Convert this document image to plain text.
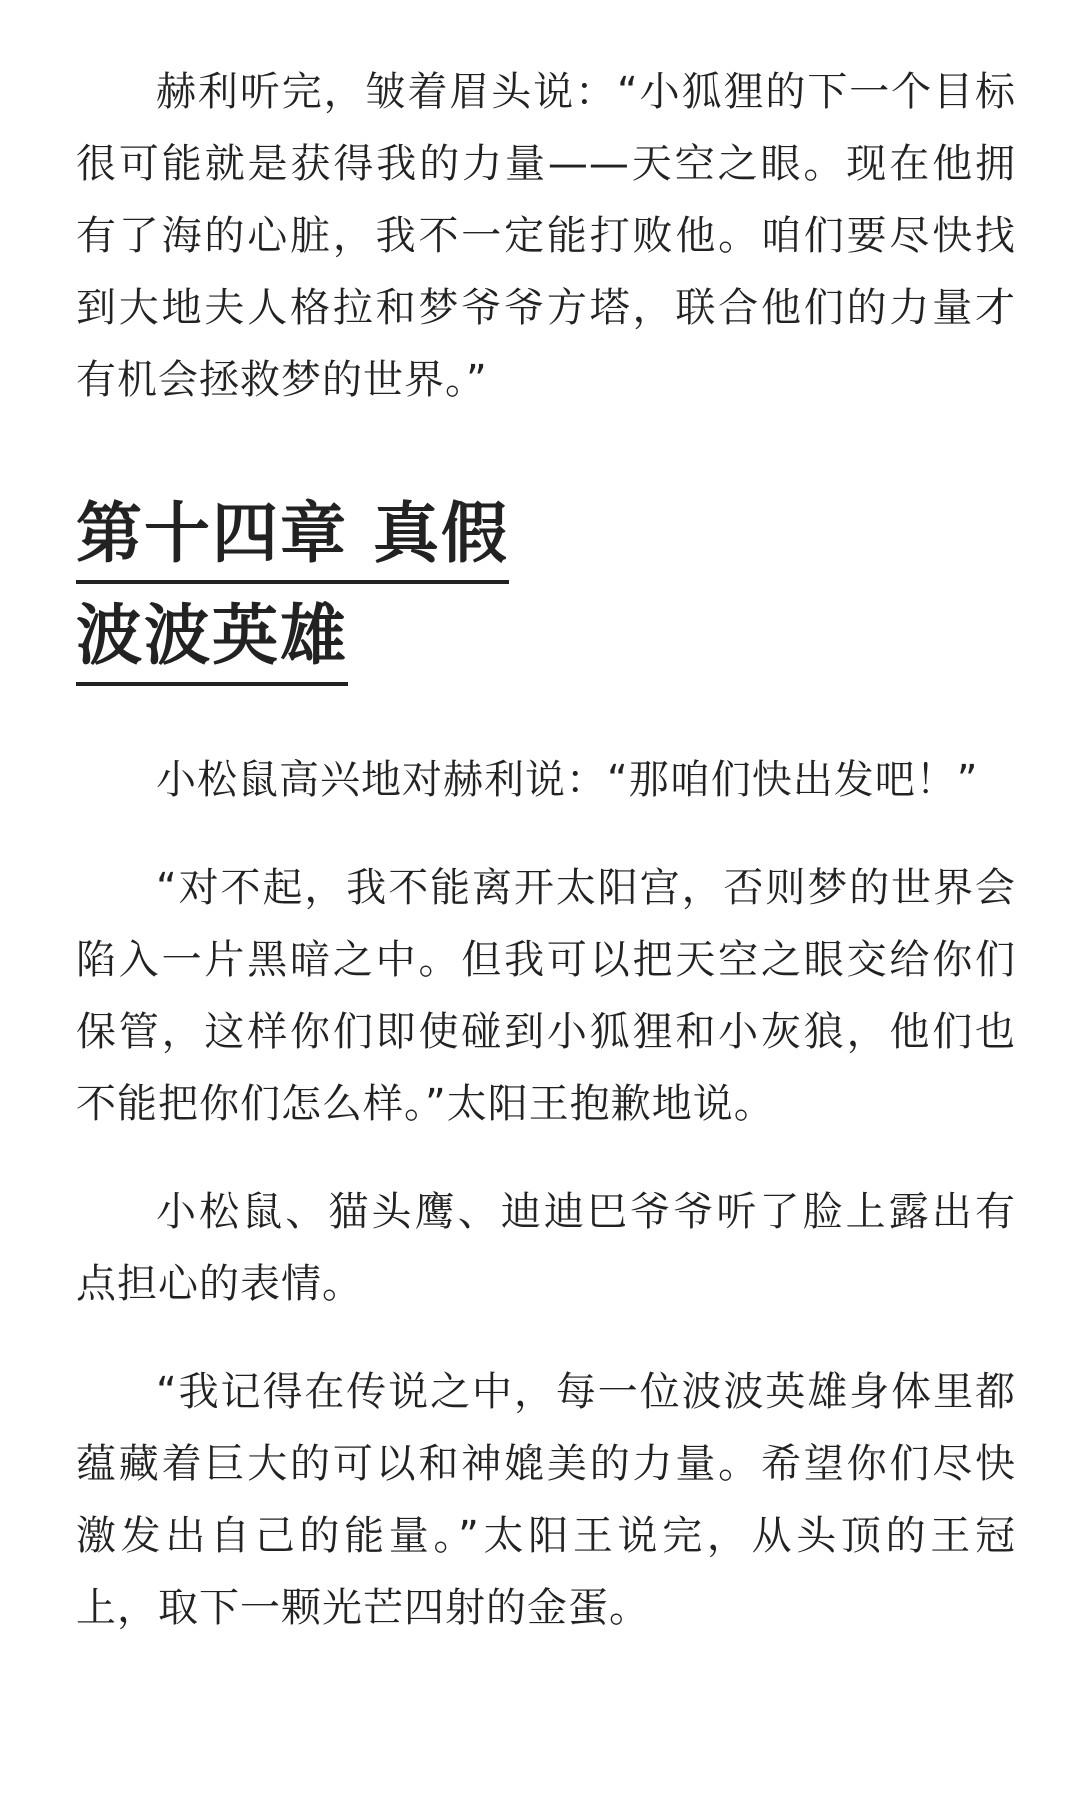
赫利听完，皱着眉头说：“小狐狸的下一个目标很可能就是获得我的力量——天空之眼。现在他拥有了海的心脏，我不一定能打败他。咱们要尽快找到大地夫人格拉和梦爷爷方塔，联合他们的力量才有机会拯救梦的世界。”

第十四章 真假
波波英雄

小松鼠高兴地对赫利说：“那咱们快出发吧！”

“对不起，我不能离开太阳宫，否则梦的世界会陷入一片黑暗之中。但我可以把天空之眼交给你们保管，这样你们即使碰到小狐狸和小灰狼，他们也不能把你们怎么样。”太阳王抱歉地说。

小松鼠、猫头鹰、迪迪巴爷爷听了脸上露出有点担心的表情。

“我记得在传说之中，每一位波波英雄身体里都蕴藏着巨大的可以和神媲美的力量。希望你们尽快激发出自己的能量。”太阳王说完，从头顶的王冠上，取下一颗光芒四射的金蛋。
